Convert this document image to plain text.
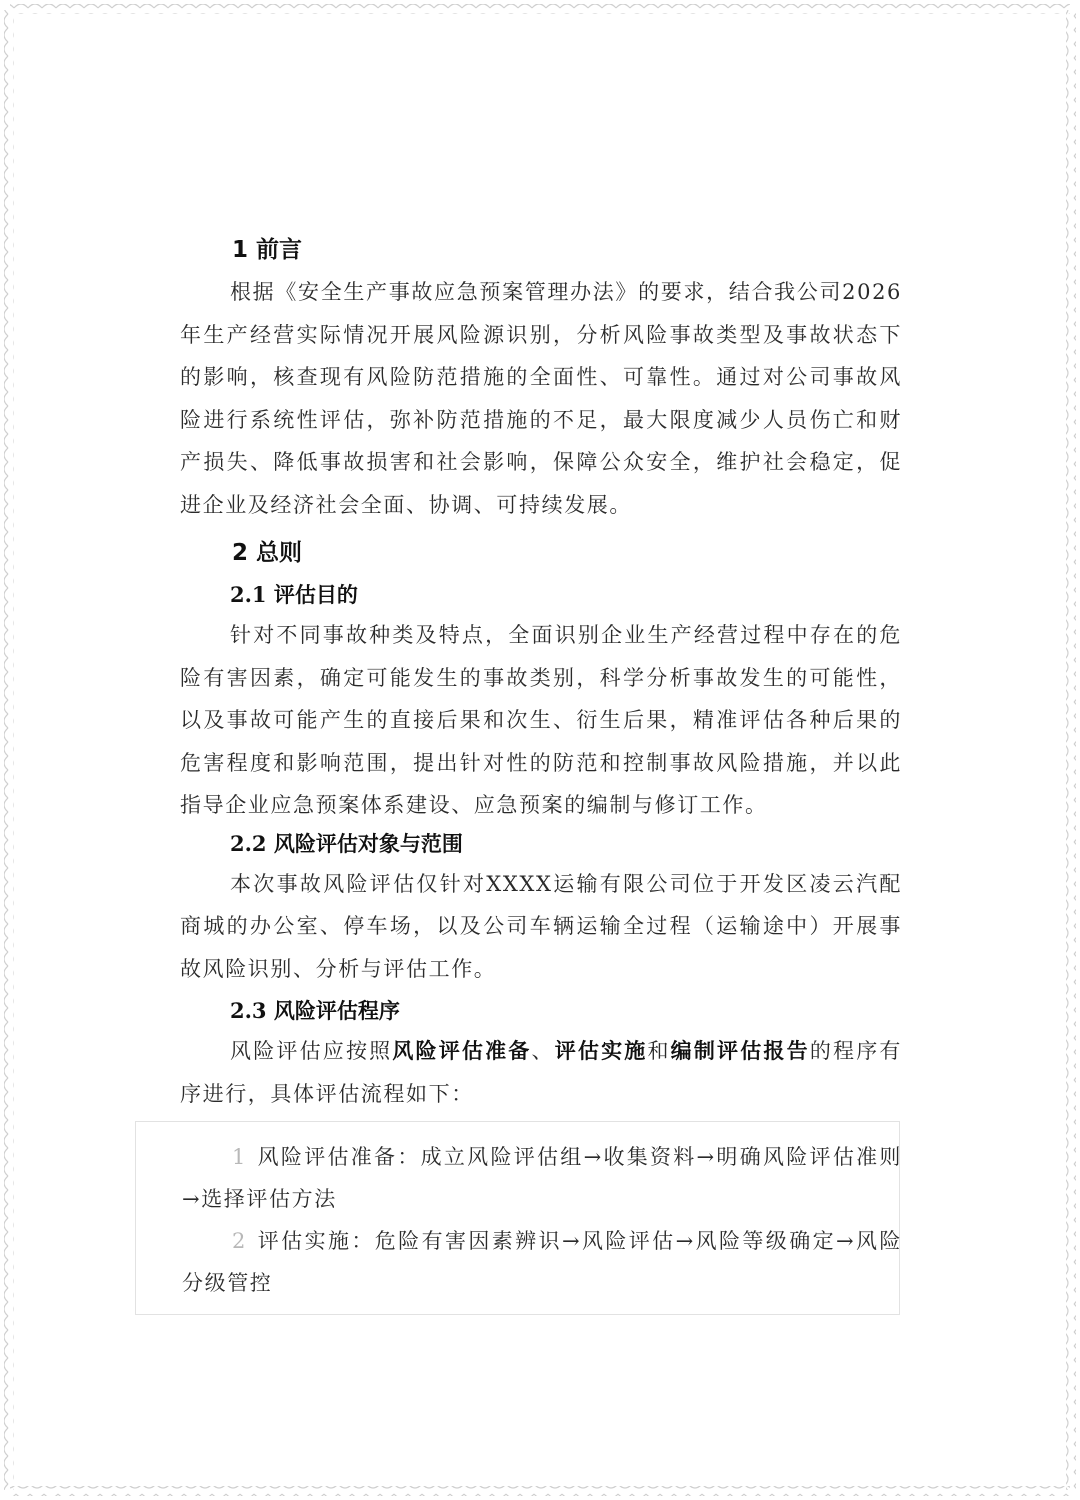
1 前言

根据《安全生产事故应急预案管理办法》的要求，结合我公司2026年生产经营实际情况开展风险源识别，分析风险事故类型及事故状态下的影响，核查现有风险防范措施的全面性、可靠性。通过对公司事故风险进行系统性评估，弥补防范措施的不足，最大限度减少人员伤亡和财产损失、降低事故损害和社会影响，保障公众安全，维护社会稳定，促进企业及经济社会全面、协调、可持续发展。

2 总则
2.1 评估目的

针对不同事故种类及特点，全面识别企业生产经营过程中存在的危险有害因素，确定可能发生的事故类别，科学分析事故发生的可能性，以及事故可能产生的直接后果和次生、衍生后果，精准评估各种后果的危害程度和影响范围，提出针对性的防范和控制事故风险措施，并以此指导企业应急预案体系建设、应急预案的编制与修订工作。

2.2 风险评估对象与范围

本次事故风险评估仅针对XXXX运输有限公司位于开发区凌云汽配商城的办公室、停车场，以及公司车辆运输全过程（运输途中）开展事故风险识别、分析与评估工作。

2.3 风险评估程序

风险评估应按照风险评估准备、评估实施和编制评估报告的程序有序进行，具体评估流程如下：

1 风险评估准备：成立风险评估组→收集资料→明确风险评估准则→选择评估方法
2 评估实施：危险有害因素辨识→风险评估→风险等级确定→风险分级管控
